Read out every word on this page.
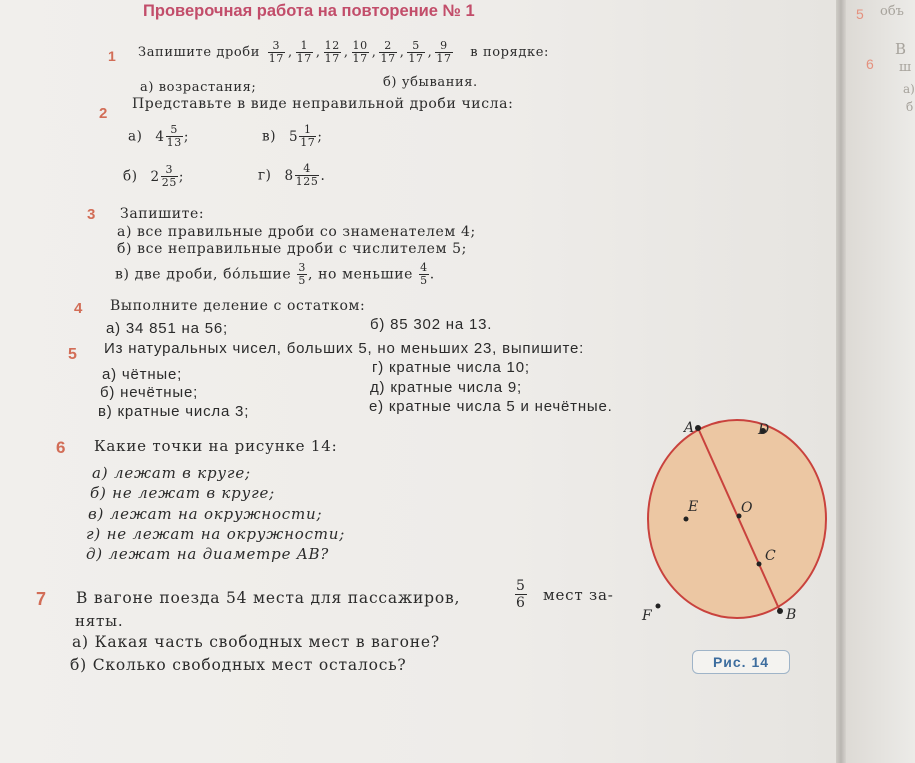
Проверочная работа на повторение № 1
1 Запишите дроби $\frac{3}{17}$ , $\frac{1}{17}$ , $\frac{12}{17}$ , $\frac{10}{17}$ , $\frac{2}{17}$ , $\frac{5}{17}$ , $\frac{9}{17}$ в порядке:
а) возрастания;	б) убывания.
2
Представьте в виде неправильной дроби числа:
а) $4 \frac{5}{13}$ ;	в) $5 \frac{1}{17}$ ;
б) $2 \frac{3}{25}$ ;	г) $8 \frac{4}{125}$ .
3 Запишите:
а) все правильные дроби со знаменателем 4;
б) все неправильные дроби с числителем 5;
в) две дроби, бо́льшие $\frac{3}{5}$ , но меньшие $\frac{4}{5}$ .
4 Выполните деление с остатком:
а) 34 851 на 56;	б) 85 302 на 13.
5 Из натуральных чисел, больших 5, но меньших 23, выпишите:
а) чётные;
б) нечётные;
в) кратные числа 3;
г) кратные числа 10;
д) кратные числа 9;
е) кратные числа 5 и нечётные.
6 Какие точки на рисунке 14:
а) лежат в круге;
б) не лежат в круге;
в) лежат на окружности;
г) не лежат на окружности;
д) лежат на диаметре AB?
7 В вагоне поезда 54 места для пассажиров,	$\frac{5}{6}$ мест за-
няты.
а) Какая часть свободных мест в вагоне?
б) Сколько свободных мест осталось?
A	D
E	O
C
B
F
Рис. 14
5 объ
В
6 ш
а)
б
